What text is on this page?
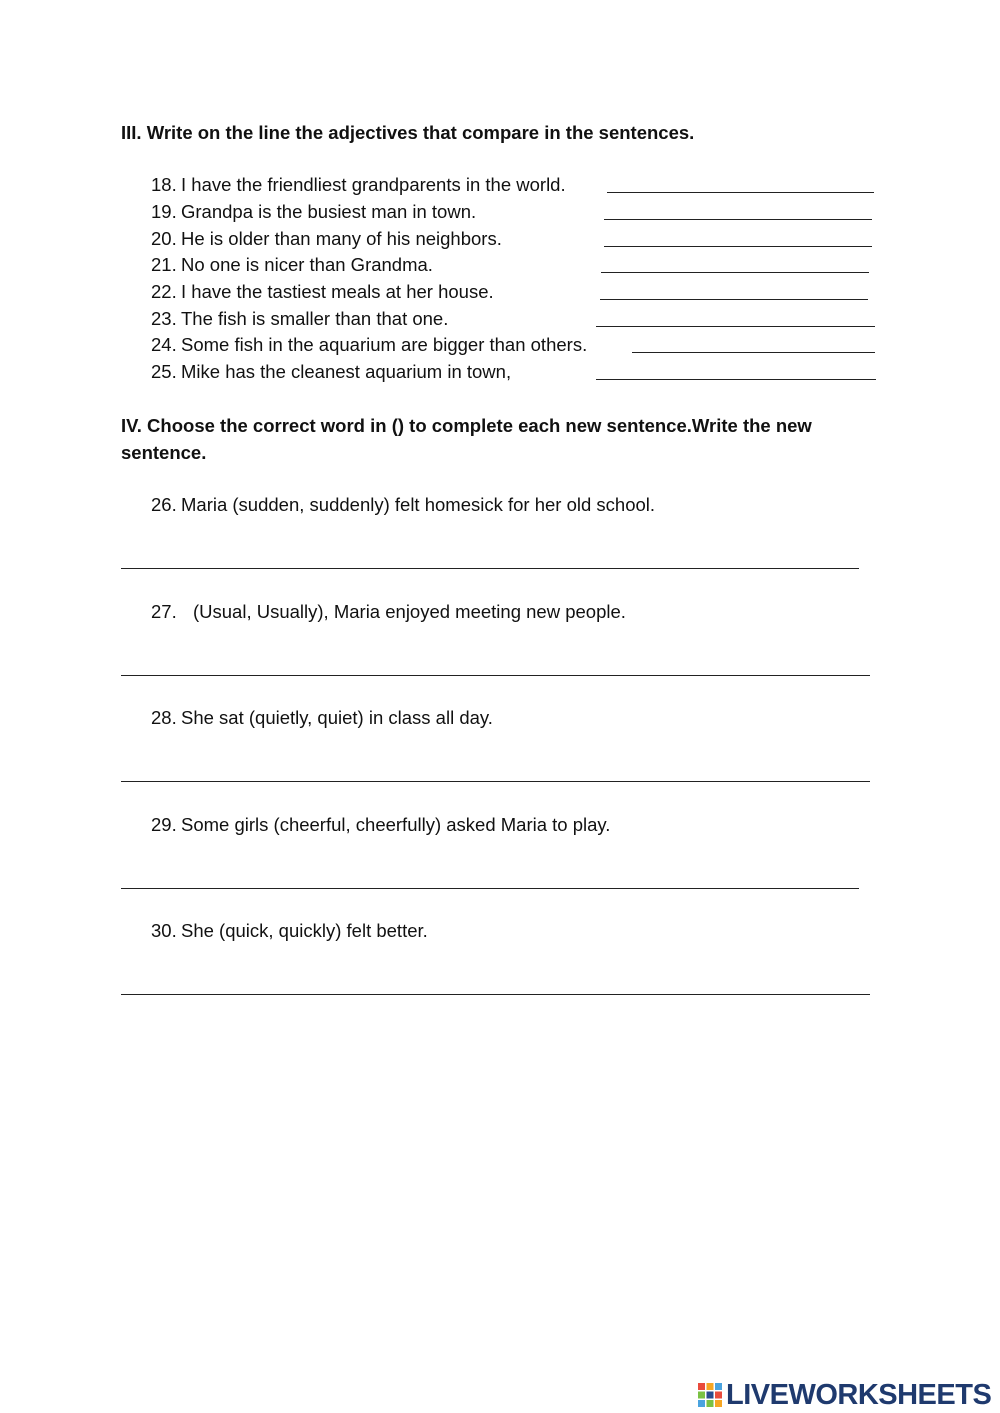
III. Write on the line the adjectives that compare in the sentences.

18. I have the friendliest grandparents in the world.
19. Grandpa is the busiest man in town.
20. He is older than many of his neighbors.
21. No one is nicer than Grandma.
22. I have the tastiest meals at her house.
23. The fish is smaller than that one.
24. Some fish in the aquarium are bigger than others.
25. Mike has the cleanest aquarium in town,

IV. Choose the correct word in () to complete each new sentence.Write the new sentence.

26. Maria (sudden, suddenly) felt homesick for her old school.
27. (Usual, Usually), Maria enjoyed meeting new people.
28. She sat (quietly, quiet) in class all day.
29. Some girls (cheerful, cheerfully) asked Maria to play.
30. She (quick, quickly) felt better.
LIVEWORKSHEETS
